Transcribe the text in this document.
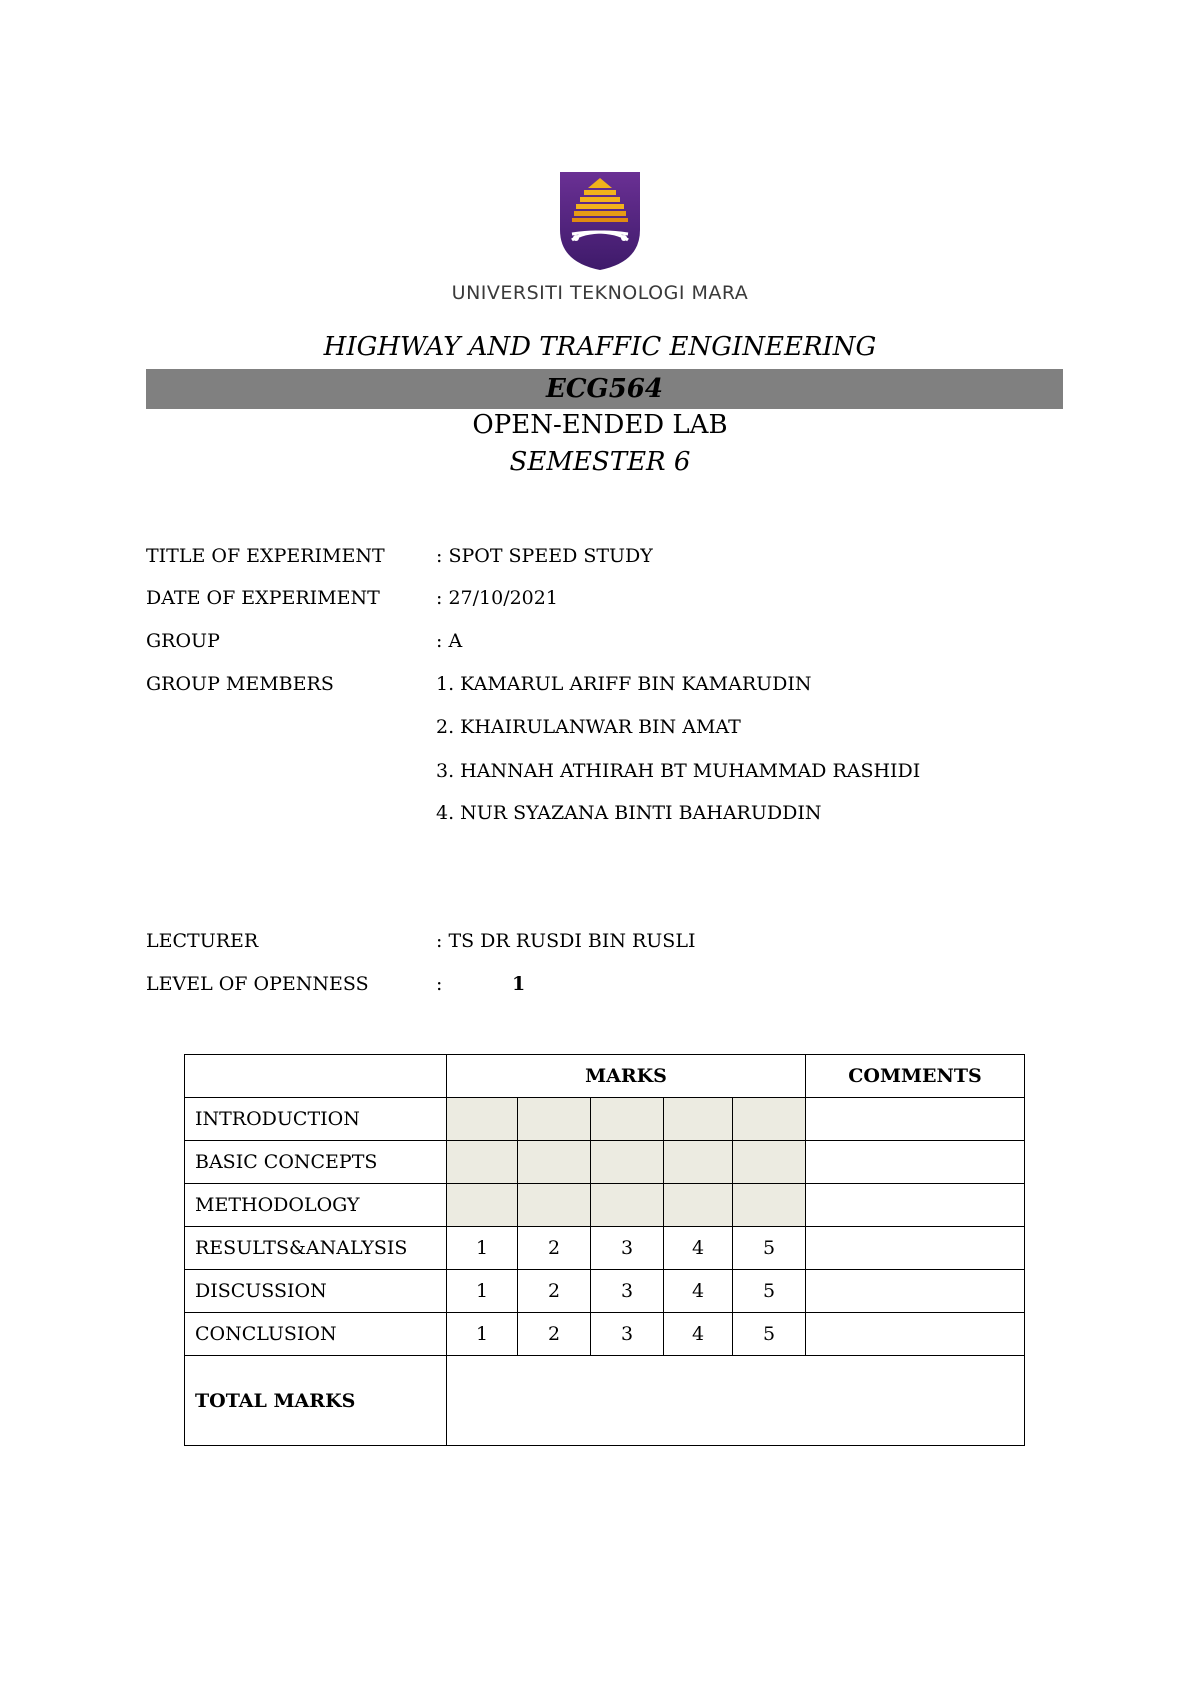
UNIVERSITI TEKNOLOGI MARA
HIGHWAY AND TRAFFIC ENGINEERING
ECG564
OPEN-ENDED LAB
SEMESTER 6
TITLE OF EXPERIMENT	: SPOT SPEED STUDY
DATE OF EXPERIMENT	: 27/10/2021
GROUP	: A
GROUP MEMBERS	1. KAMARUL ARIFF BIN KAMARUDIN
2. KHAIRULANWAR BIN AMAT
3. HANNAH ATHIRAH BT MUHAMMAD RASHIDI
4. NUR SYAZANA BINTI BAHARUDDIN
LECTURER	: TS DR RUSDI BIN RUSLI
LEVEL OF OPENNESS	:	1
	MARKS					COMMENTS
INTRODUCTION						
BASIC CONCEPTS						
METHODOLOGY						
RESULTS&ANALYSIS	1	2	3	4	5	
DISCUSSION	1	2	3	4	5	
CONCLUSION	1	2	3	4	5	
TOTAL MARKS						
